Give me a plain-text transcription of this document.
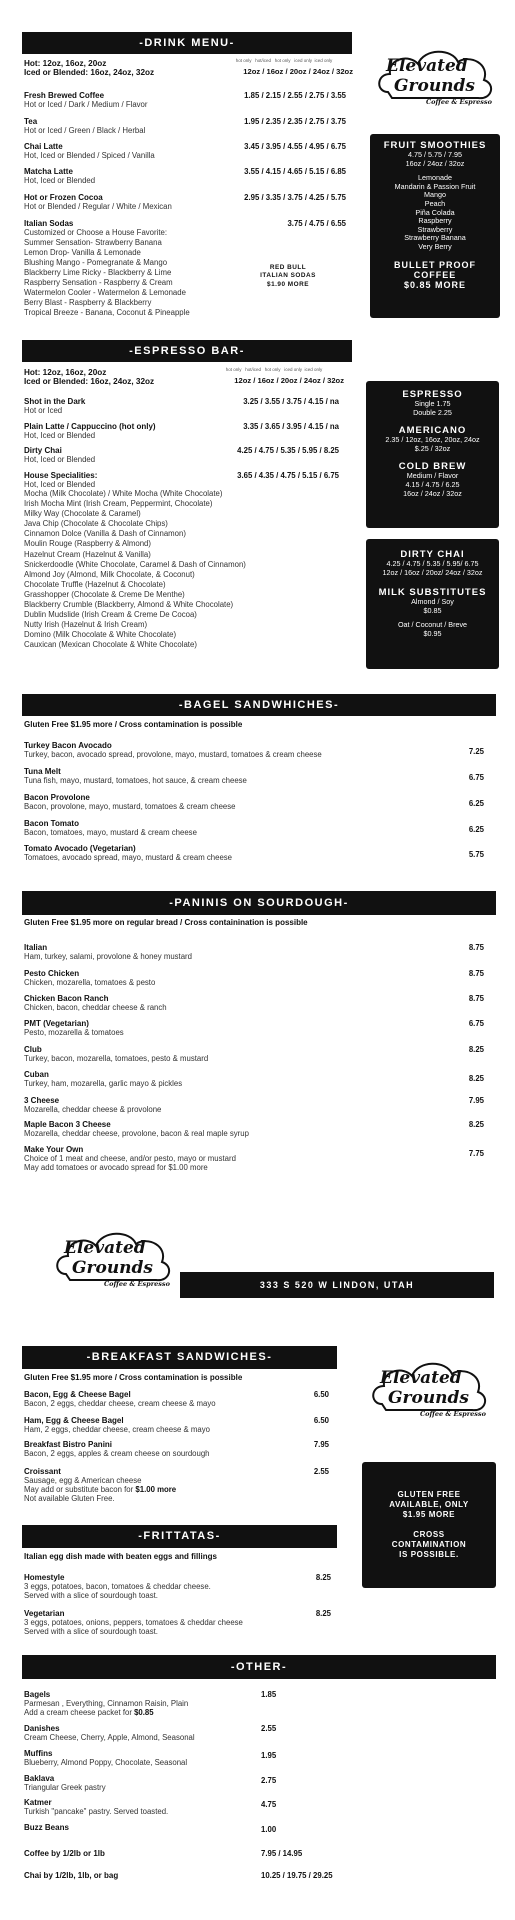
-DRINK MENU-
Hot: 12oz, 16oz, 20oz
Iced or Blended: 16oz, 24oz, 32oz
hot only   hot/iced   hot only   iced only  iced only
12oz / 16oz / 20oz / 24oz / 32oz
Fresh Brewed Coffee
Hot or Iced / Dark / Medium / Flavor
1.85 / 2.15 / 2.55 / 2.75 / 3.55
Tea
Hot or Iced / Green / Black / Herbal
1.95 / 2.35 / 2.35 / 2.75 / 3.75
Chai Latte
Hot, Iced or Blended / Spiced / Vanilla
3.45 / 3.95 / 4.55 / 4.95 / 6.75
Matcha Latte
Hot, Iced or Blended
3.55 / 4.15 / 4.65 / 5.15 / 6.85
Hot or Frozen Cocoa
Hot or Blended / Regular / White / Mexican
2.95 / 3.35 / 3.75 / 4.25 / 5.75
Italian Sodas	3.75 / 4.75 / 6.55
Customized or Choose a House Favorite:
Summer Sensation- Strawberry Banana
Lemon Drop- Vanilla & Lemonade
Blushing Mango - Pomegranate & Mango
Blackberry Lime Ricky - Blackberry & Lime
Raspberry Sensation - Raspberry & Cream
Watermelon Cooler - Watermelon & Lemonade
Berry Blast - Raspberry & Blackberry
Tropical Breeze - Banana, Coconut & Pineapple
RED BULL
ITALIAN SODAS
$1.90 MORE
Elevated
Grounds
Coffee & Espresso
FRUIT SMOOTHIES
4.75 / 5.75 / 7.95
16oz / 24oz / 32oz
Lemonade
Mandarin & Passion Fruit
Mango
Peach
Piña Colada
Raspberry
Strawberry
Strawberry Banana
Very Berry
BULLET PROOF
COFFEE
$0.85 MORE
-ESPRESSO BAR-
Hot: 12oz, 16oz, 20oz
Iced or Blended: 16oz, 24oz, 32oz
hot only   hot/iced   hot only   iced only  iced only
12oz / 16oz / 20oz / 24oz / 32oz
Shot in the Dark
Hot or Iced
3.25 / 3.55 / 3.75 / 4.15 / na
Plain Latte / Cappuccino (hot only)
Hot, Iced or Blended
3.35 / 3.65 / 3.95 / 4.15 / na
Dirty Chai
Hot, Iced or Blended
4.25 / 4.75 / 5.35 / 5.95 / 8.25
House Specialities:
Hot, Iced or Blended
3.65 / 4.35 / 4.75 / 5.15 / 6.75
Mocha (Milk Chocolate) / White Mocha (White Chocolate)
Irish Mocha Mint (Irish Cream, Peppermint, Chocolate)
Milky Way (Chocolate & Caramel)
Java Chip (Chocolate & Chocolate Chips)
Cinnamon Dolce (Vanilla & Dash of Cinnamon)
Moulin Rouge (Raspberry & Almond)
Hazelnut Cream (Hazelnut & Vanilla)
Snickerdoodle (White Chocolate, Caramel & Dash of Cinnamon)
Almond Joy (Almond, Milk Chocolate, & Coconut)
Chocolate Truffle (Hazelnut & Chocolate)
Grasshopper (Chocolate & Creme De Menthe)
Blackberry Crumble (Blackberry, Almond & White Chocolate)
Dublin Mudslide (Irish Cream & Creme De Cocoa)
Nutty Irish (Hazelnut & Irish Cream)
Domino (Milk Chocolate & White Chocolate)
Cauxican (Mexican Chocolate & White Chocolate)
ESPRESSO
Single 1.75
Double 2.25
AMERICANO
2.35 / 12oz, 16oz, 20oz, 24oz
$.25 / 32oz
COLD BREW
Medium / Flavor
4.15 / 4.75 / 6.25
16oz / 24oz / 32oz
DIRTY CHAI
4.25 / 4.75 / 5.35 / 5.95/ 6.75
12oz / 16oz / 20oz/ 24oz / 32oz
MILK SUBSTITUTES
Almond / Soy
$0.85
Oat / Coconut / Breve
$0.95
-BAGEL SANDWHICHES-
Gluten Free $1.95 more / Cross contamination is possible
Turkey Bacon Avocado
Turkey, bacon, avocado spread, provolone, mayo, mustard, tomatoes & cream cheese	7.25
Tuna Melt
Tuna fish, mayo, mustard, tomatoes, hot sauce, & cream cheese	6.75
Bacon Provolone
Bacon, provolone, mayo, mustard, tomatoes & cream cheese	6.25
Bacon Tomato
Bacon, tomatoes, mayo, mustard & cream cheese	6.25
Tomato Avocado (Vegetarian)
Tomatoes, avocado spread, mayo, mustard & cream cheese	5.75
-PANINIS ON SOURDOUGH-
Gluten Free $1.95 more on regular bread / Cross containination is possible
Italian
Ham, turkey, salami, provolone & honey mustard
8.75
Pesto Chicken
Chicken, mozarella, tomatoes & pesto
8.75
Chicken Bacon Ranch
Chicken, bacon, cheddar cheese & ranch
8.75
PMT (Vegetarian)
Pesto, mozarella & tomatoes
6.75
Club
Turkey, bacon, mozarella, tomatoes, pesto & mustard
8.25
Cuban
Turkey, ham, mozarella, garlic mayo & pickles
8.25
3 Cheese
Mozarella, cheddar cheese & provolone
7.95
Maple Bacon 3 Cheese
Mozarella, cheddar cheese, provolone, bacon & real maple syrup
8.25
Make Your Own
Choice of 1 meat and cheese, and/or pesto, mayo or mustard
May add tomatoes or avocado spread for $1.00 more
7.75
Elevated
Grounds
Coffee & Espresso	333 S 520 W LINDON, UTAH
-BREAKFAST SANDWICHES-
Gluten Free $1.95 more / Cross contamination is possible
Bacon, Egg & Cheese Bagel
Bacon, 2 eggs, cheddar cheese, cream cheese & mayo
6.50
Ham, Egg & Cheese Bagel
Ham, 2 eggs, cheddar cheese, cream cheese & mayo
6.50
Breakfast Bistro Panini
Bacon, 2 eggs, apples & cream cheese on sourdough
7.95
Croissant	2.55
Sausage, egg & American cheese
May add or substitute bacon for $1.00 more
Not available Gluten Free.
Elevated
Grounds
Coffee & Espresso
GLUTEN FREE
AVAILABLE, ONLY
$1.95 MORE
CROSS
CONTAMINATION
IS POSSIBLE.
-FRITTATAS-
Italian egg dish made with beaten eggs and fillings
Homestyle
3 eggs, potatoes, bacon, tomatoes & cheddar cheese.
Served with a slice of sourdough toast.
8.25
Vegetarian
3 eggs, potatoes, onions, peppers, tomatoes & cheddar cheese
Served with a slice of sourdough toast.
8.25
-OTHER-
Bagels
Parmesan , Everything, Cinnamon Raisin, Plain
Add a cream cheese packet for $0.85
1.85
Danishes
Cream Cheese, Cherry, Apple, Almond, Seasonal
2.55
Muffins
Blueberry, Almond Poppy, Chocolate, Seasonal
1.95
Baklava
Triangular Greek pastry
2.75
Katmer
Turkish "pancake" pastry. Served toasted.
4.75
Buzz Beans	1.00
Coffee by 1/2lb or 1lb	7.95 / 14.95
Chai by 1/2lb, 1lb, or bag	10.25 / 19.75 / 29.25
